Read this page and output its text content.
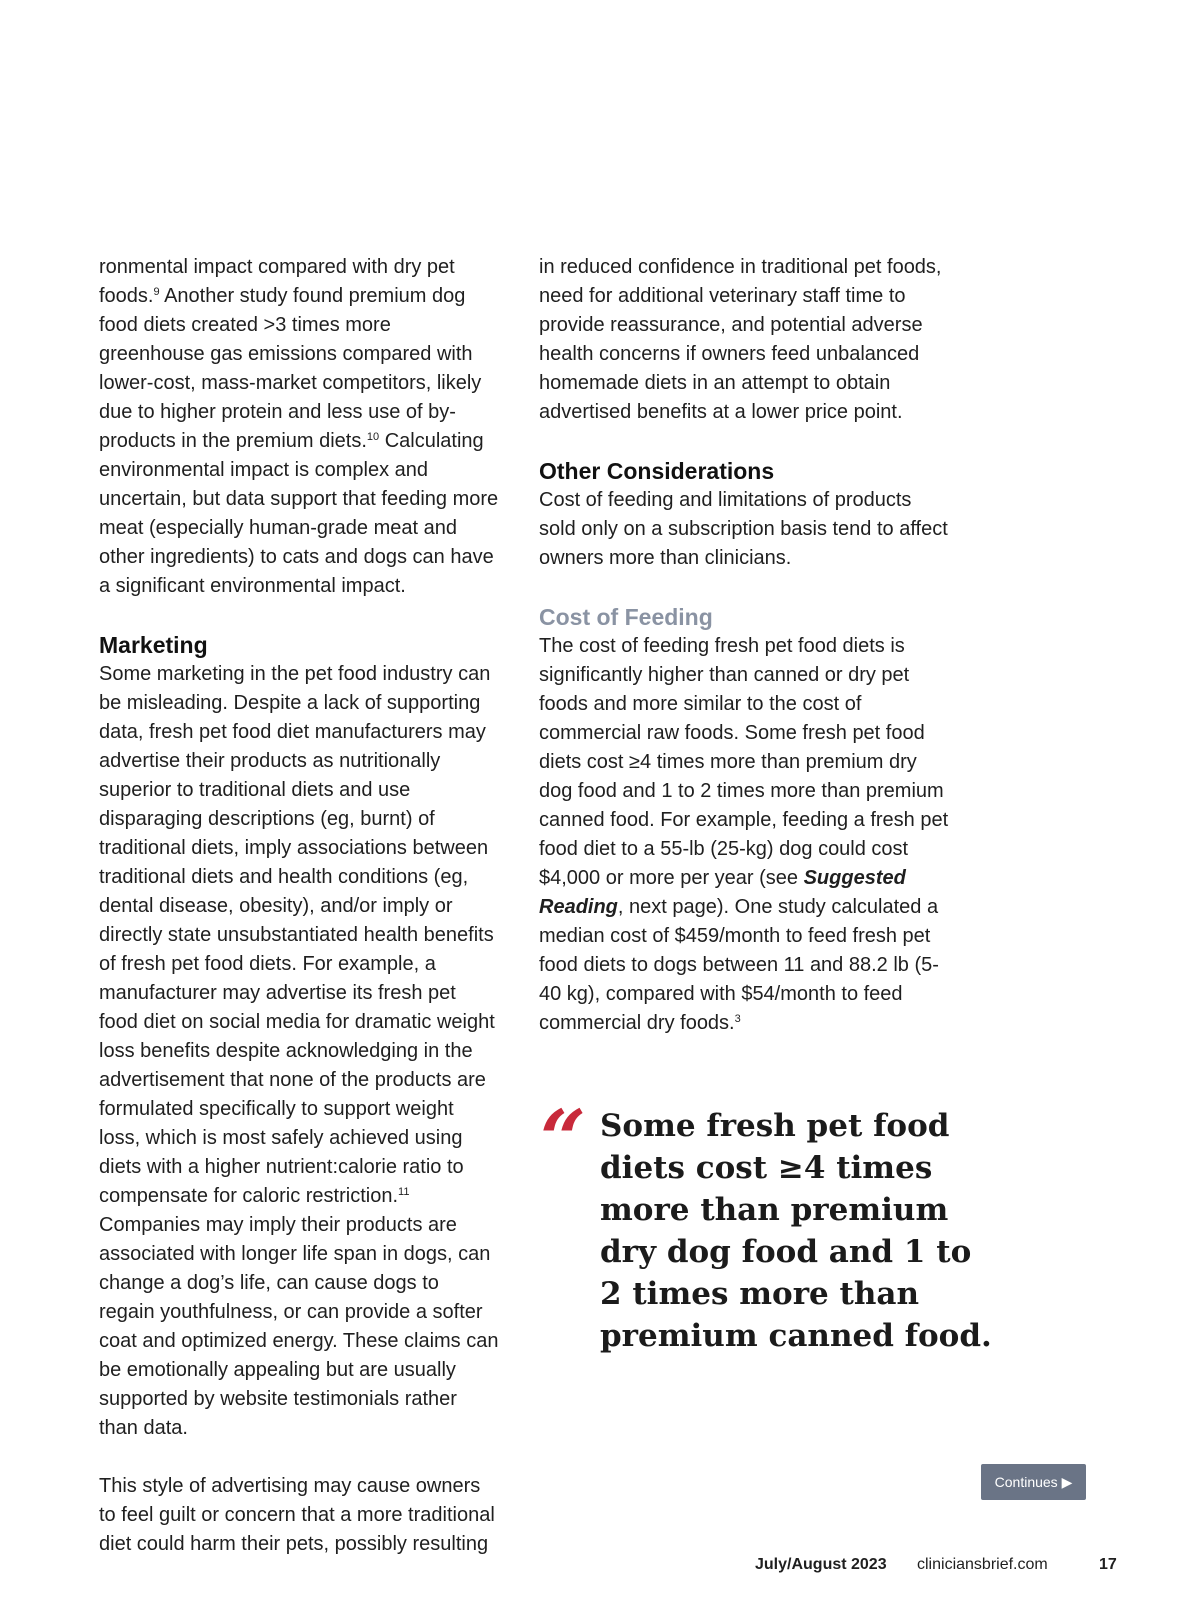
ronmental impact compared with dry pet foods.$^9$ Another study found premium dog food diets created >3 times more greenhouse gas emissions compared with lower-cost, mass-market competitors, likely due to higher protein and less use of by-products in the premium diets.$^{10}$ Calculating environmental impact is complex and uncertain, but data support that feeding more meat (especially human-grade meat and other ingredients) to cats and dogs can have a significant environmental impact.

Marketing

Some marketing in the pet food industry can be misleading. Despite a lack of supporting data, fresh pet food diet manufacturers may advertise their products as nutritionally superior to traditional diets and use disparaging descriptions (eg, burnt) of traditional diets, imply associations between traditional diets and health conditions (eg, dental disease, obesity), and/or imply or directly state unsubstantiated health benefits of fresh pet food diets. For example, a manufacturer may advertise its fresh pet food diet on social media for dramatic weight loss benefits despite acknowledging in the advertisement that none of the products are formulated specifically to support weight loss, which is most safely achieved using diets with a higher nutrient:calorie ratio to compensate for caloric restriction.$^{11}$ Companies may imply their products are associated with longer life span in dogs, can change a dog’s life, can cause dogs to regain youthfulness, or can provide a softer coat and optimized energy. These claims can be emotionally appealing but are usually supported by website testimonials rather than data.

This style of advertising may cause owners to feel guilt or concern that a more traditional diet could harm their pets, possibly resulting

in reduced confidence in traditional pet foods, need for additional veterinary staff time to provide reassurance, and potential adverse health concerns if owners feed unbalanced homemade diets in an attempt to obtain advertised benefits at a lower price point.

Other Considerations

Cost of feeding and limitations of products sold only on a subscription basis tend to affect owners more than clinicians.

Cost of Feeding

The cost of feeding fresh pet food diets is significantly higher than canned or dry pet foods and more similar to the cost of commercial raw foods. Some fresh pet food diets cost ≥4 times more than premium dry dog food and 1 to 2 times more than premium canned food. For example, feeding a fresh pet food diet to a 55-lb (25-kg) dog could cost $4,000 or more per year (see Suggested Reading, next page). One study calculated a median cost of $459/month to feed fresh pet food diets to dogs between 11 and 88.2 lb (5-40 kg), compared with $54/month to feed commercial dry foods.$^3$

“ Some fresh pet food diets cost ≥4 times more than premium dry dog food and 1 to 2 times more than premium canned food.
Continues ▶
July/August 2023 cliniciansbrief.com	17
